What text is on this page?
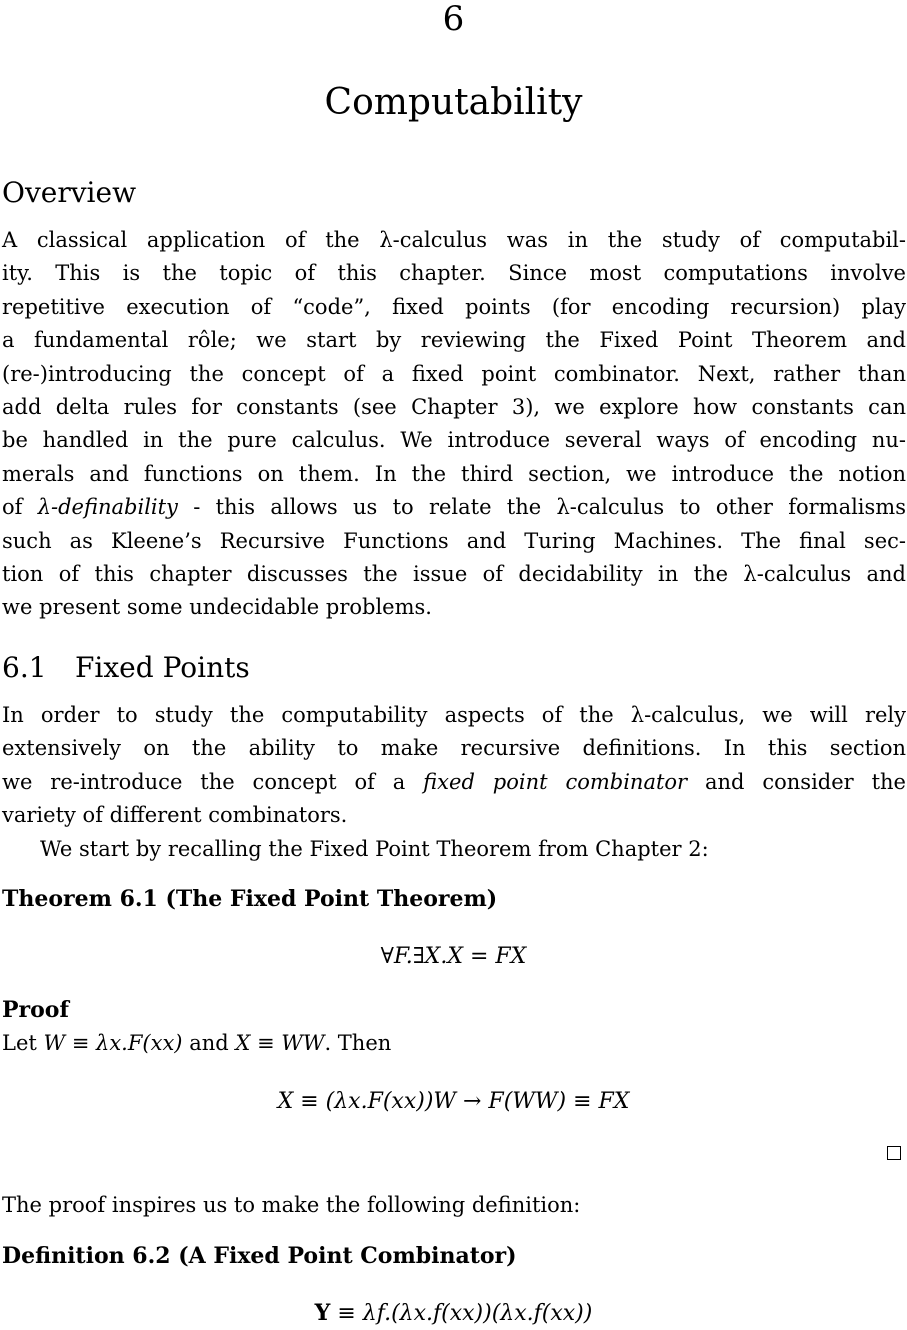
6
Computability
Overview
A classical application of the λ-calculus was in the study of computabil-
ity. This is the topic of this chapter. Since most computations involve
repetitive execution of “code”, fixed points (for encoding recursion) play
a fundamental rôle; we start by reviewing the Fixed Point Theorem and
(re-)introducing the concept of a fixed point combinator. Next, rather than
add delta rules for constants (see Chapter 3), we explore how constants can
be handled in the pure calculus. We introduce several ways of encoding nu-
merals and functions on them. In the third section, we introduce the notion
of λ-definability - this allows us to relate the λ-calculus to other formalisms
such as Kleene’s Recursive Functions and Turing Machines. The final sec-
tion of this chapter discusses the issue of decidability in the λ-calculus and
we present some undecidable problems.
6.1 Fixed Points
In order to study the computability aspects of the λ-calculus, we will rely
extensively on the ability to make recursive definitions. In this section
we re-introduce the concept of a fixed point combinator and consider the
variety of different combinators.
We start by recalling the Fixed Point Theorem from Chapter 2:
Theorem 6.1 (The Fixed Point Theorem)
∀F.∃X.X = FX
Proof
Let W ≡ λx.F(xx) and X ≡ WW. Then
X ≡ (λx.F(xx))W → F(WW) ≡ FX
The proof inspires us to make the following definition:
Definition 6.2 (A Fixed Point Combinator)
Y ≡ λf.(λx.f(xx))(λx.f(xx))
